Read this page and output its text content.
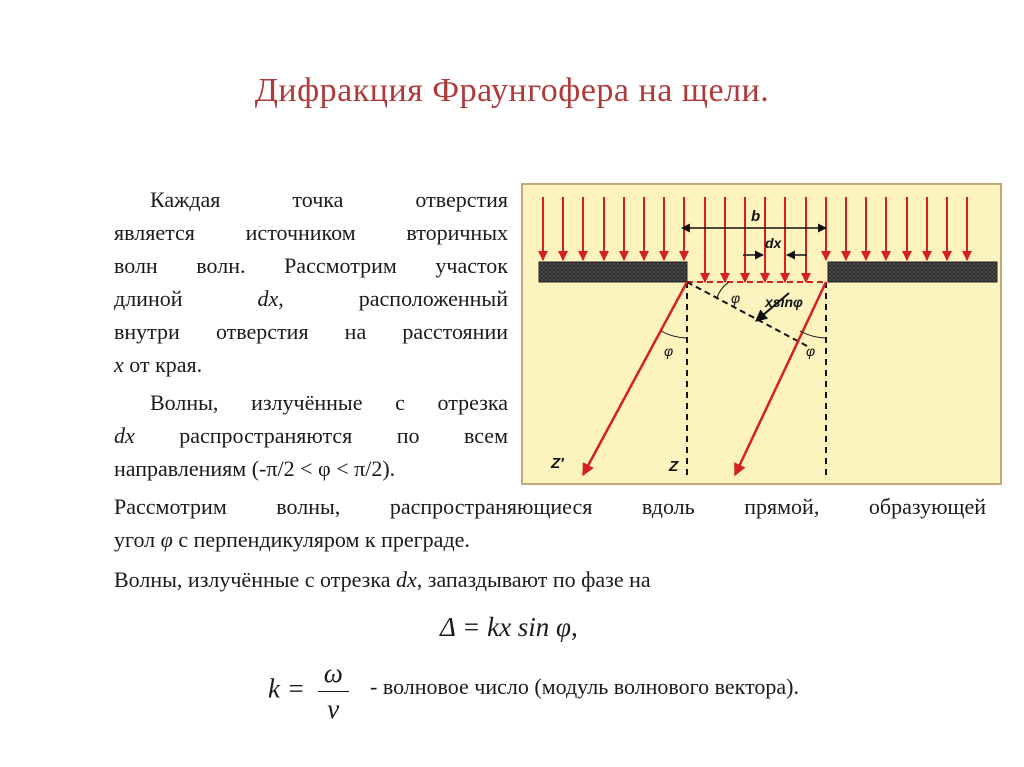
Дифракция Фраунгофера на щели.
Каждая точка отверстия
является источником вторичных
волн волн. Рассмотрим участок
длиной dx, расположенный
внутри отверстия на расстоянии
x от края.
Волны, излучённые с отрезка
dx распространяются по всем
направлениям (-π/2 < φ < π/2).
Рассмотрим волны, распространяющиеся вдоль прямой, образующей
угол φ с перпендикуляром к преграде.
Волны, излучённые с отрезка dx, запаздывают по фазе на
Δ = kx sin φ,
$k = \frac{\omega}{v}$ - волновое число (модуль волнового вектора).
b
dx
xsinφ
φ
φ	φ
Z′	Z
